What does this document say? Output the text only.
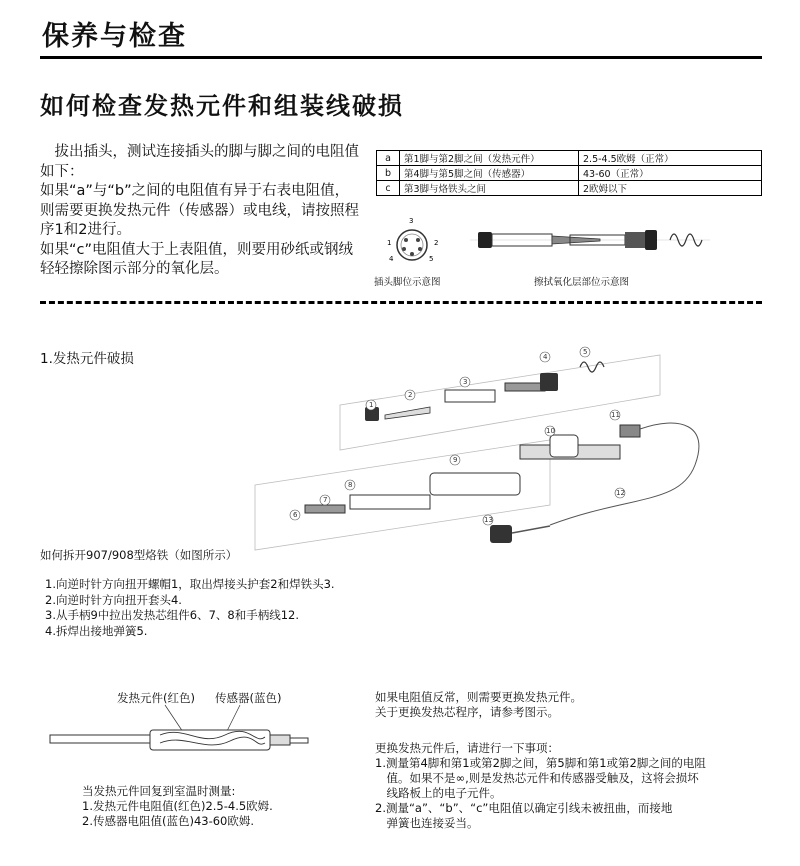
保养与检查
如何检查发热元件和组装线破损

　拔出插头，测试连接插头的脚与脚之间的电阻值如下：

如果“a”与“b”之间的电阻值有异于右表电阻值，则需要更换发热元件（传感器）或电线，请按照程序1和2进行。

如果“c”电阻值大于上表阻值，则要用砂纸或钢绒轻轻擦除图示部分的氧化层。

a	第1脚与第2脚之间（发热元件）	2.5-4.5欧姆（正常）
b	第4脚与第5脚之间（传感器）	43-60（正常）
c	第3脚与烙铁头之间	2欧姆以下
1	2
3
4	5
插头脚位示意图	擦拭氧化层部位示意图
1.发热元件破损
1
2
3
4
5
6
7
8
9
10
11
12
13
如何拆开907/908型烙铁（如图所示）
1.向逆时针方向扭开螺帽1，取出焊接头护套2和焊铁头3.
2.向逆时针方向扭开套头4.
3.从手柄9中拉出发热芯组件6、7、8和手柄线12.
4.拆焊出接地弹簧5.
发热元件(红色) 传感器(蓝色)
当发热元件回复到室温时测量:
1.发热元件电阻值(红色)2.5-4.5欧姆.
2.传感器电阻值(蓝色)43-60欧姆.
如果电阻值反常，则需要更换发热元件。
关于更换发热芯程序，请参考图示。
更换发热元件后，请进行一下事项：
1.测量第4脚和第1或第2脚之间，第5脚和第1或第2脚之间的电阻
　值。如果不是∞,则是发热芯元件和传感器受触及，这将会损坏
　线路板上的电子元件。
2.测量“a”、“b”、“c”电阻值以确定引线未被扭曲，而接地
　弹簧也连接妥当。
